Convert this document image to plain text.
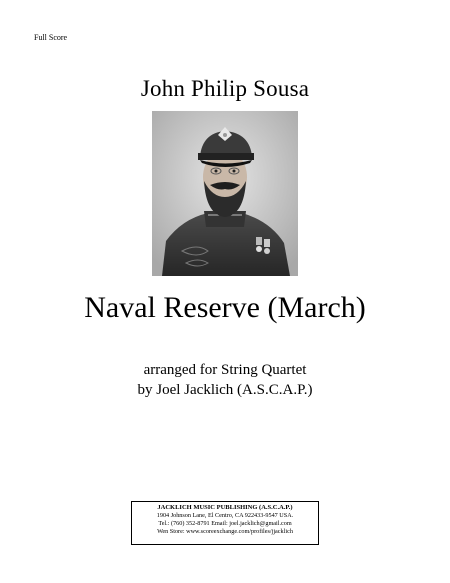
Full Score
John Philip Sousa
Naval Reserve (March)
arranged for String Quartet
by Joel Jacklich (A.S.C.A.P.)
JACKLICH MUSIC PUBLISHING (A.S.C.A.P.)
1904 Johnson Lane, El Centro, CA 922433-9547 USA.
Tel.: (760) 352-8791 Email: joel.jacklich@gmail.com
Wen Store: www.scoreexchange.com/profiles/jjacklich
